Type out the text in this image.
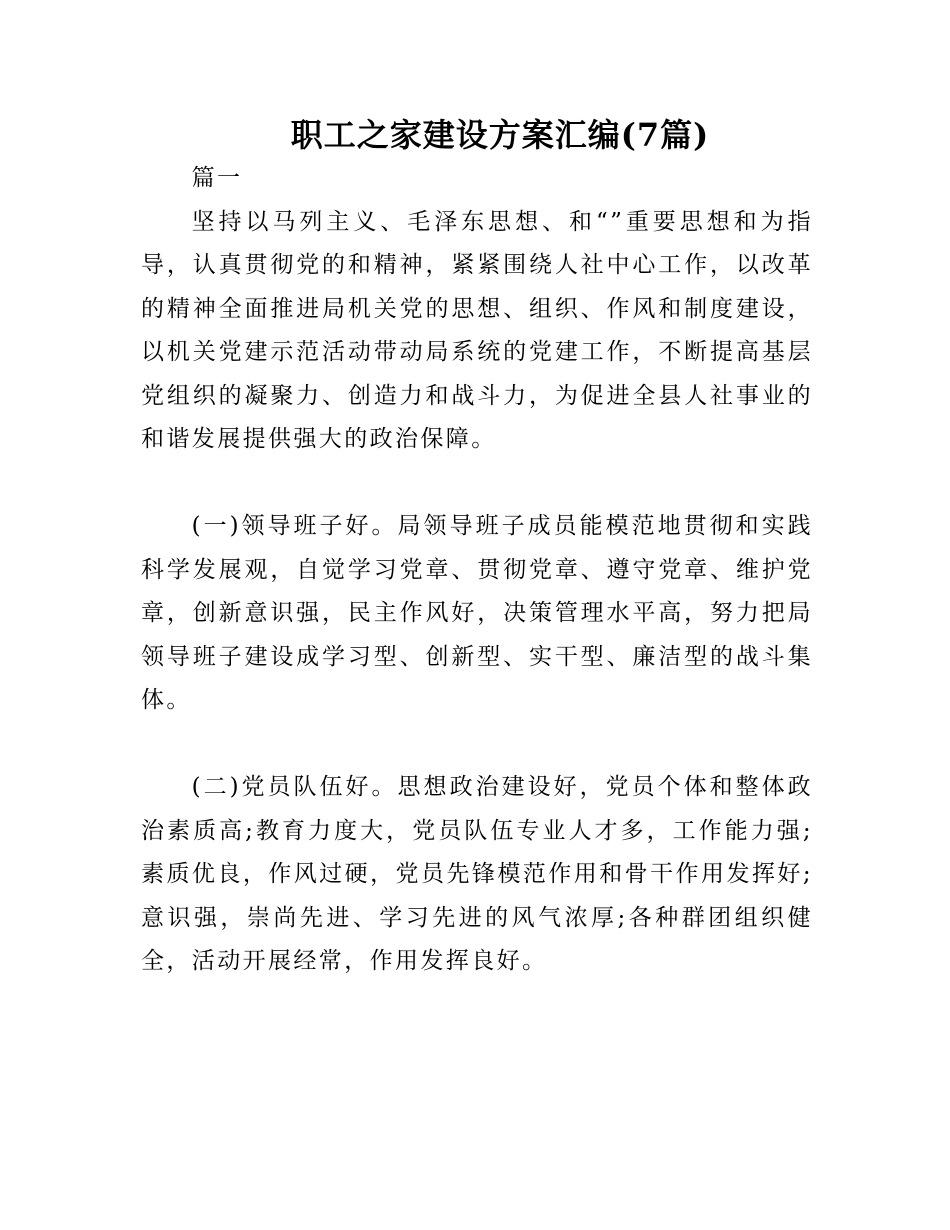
职工之家建设方案汇编(7篇)

篇一

坚持以马列主义、毛泽东思想、和“”重要思想和为指导，认真贯彻党的和精神，紧紧围绕人社中心工作，以改革的精神全面推进局机关党的思想、组织、作风和制度建设，以机关党建示范活动带动局系统的党建工作，不断提高基层党组织的凝聚力、创造力和战斗力，为促进全县人社事业的和谐发展提供强大的政治保障。

(一)领导班子好。局领导班子成员能模范地贯彻和实践科学发展观，自觉学习党章、贯彻党章、遵守党章、维护党章，创新意识强，民主作风好，决策管理水平高，努力把局领导班子建设成学习型、创新型、实干型、廉洁型的战斗集体。

(二)党员队伍好。思想政治建设好，党员个体和整体政治素质高;教育力度大，党员队伍专业人才多，工作能力强;素质优良，作风过硬，党员先锋模范作用和骨干作用发挥好;意识强，崇尚先进、学习先进的风气浓厚;各种群团组织健全，活动开展经常，作用发挥良好。
